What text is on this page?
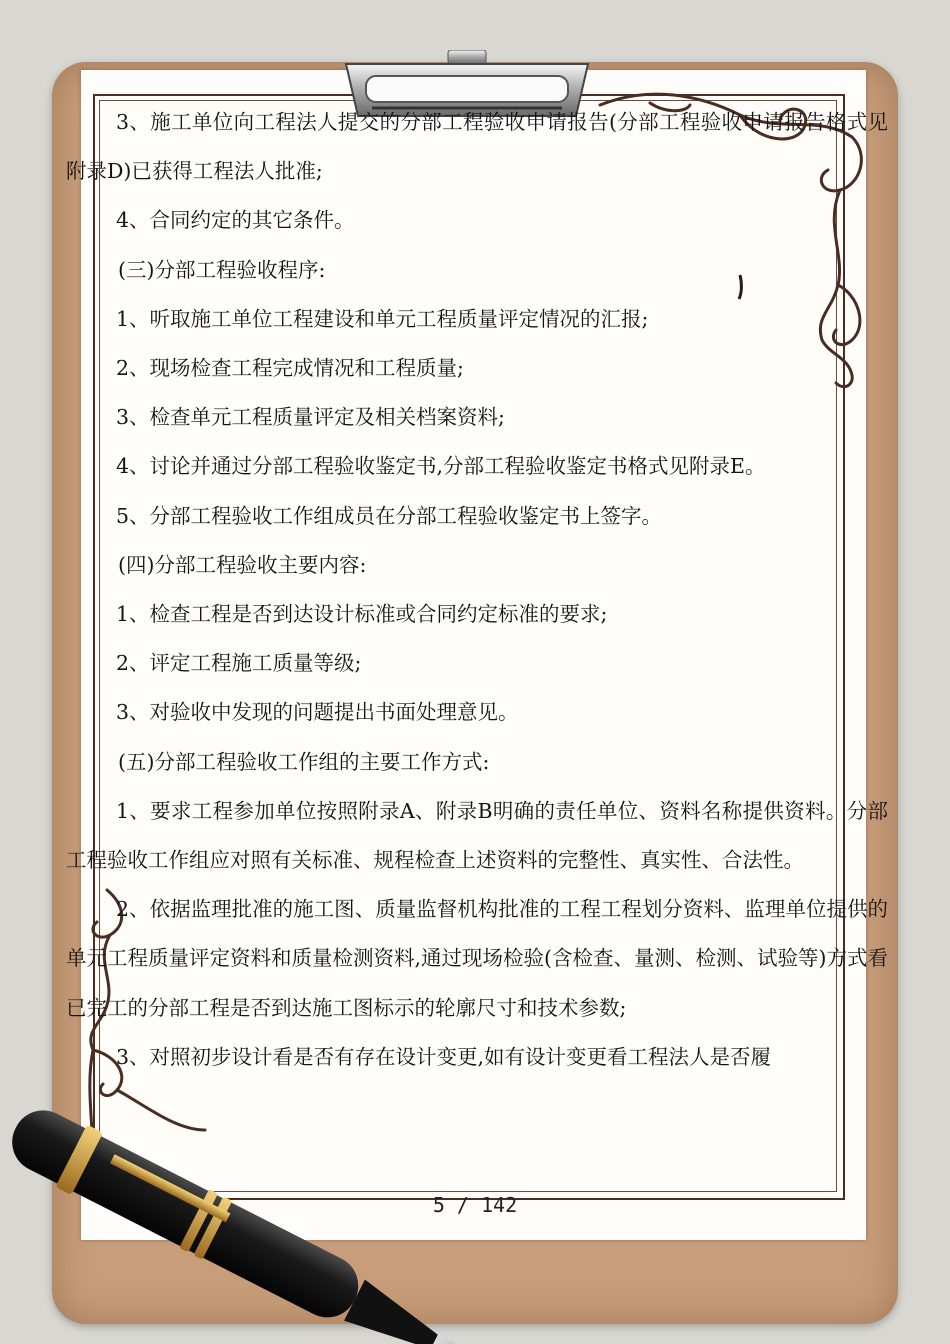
3、施工单位向工程法人提交的分部工程验收申请报告(分部工程验收申请报告格式见附录D)已获得工程法人批准;

4、合同约定的其它条件。

(三)分部工程验收程序:

1、听取施工单位工程建设和单元工程质量评定情况的汇报;

2、现场检查工程完成情况和工程质量;

3、检查单元工程质量评定及相关档案资料;

4、讨论并通过分部工程验收鉴定书,分部工程验收鉴定书格式见附录E。

5、分部工程验收工作组成员在分部工程验收鉴定书上签字。

(四)分部工程验收主要内容:

1、检查工程是否到达设计标准或合同约定标准的要求;

2、评定工程施工质量等级;

3、对验收中发现的问题提出书面处理意见。

(五)分部工程验收工作组的主要工作方式:

1、要求工程参加单位按照附录A、附录B明确的责任单位、资料名称提供资料。分部工程验收工作组应对照有关标准、规程检查上述资料的完整性、真实性、合法性。

2、依据监理批准的施工图、质量监督机构批准的工程工程划分资料、监理单位提供的单元工程质量评定资料和质量检测资料,通过现场检验(含检查、量测、检测、试验等)方式看已完工的分部工程是否到达施工图标示的轮廓尺寸和技术参数;

3、对照初步设计看是否有存在设计变更,如有设计变更看工程法人是否履

5 / 142
